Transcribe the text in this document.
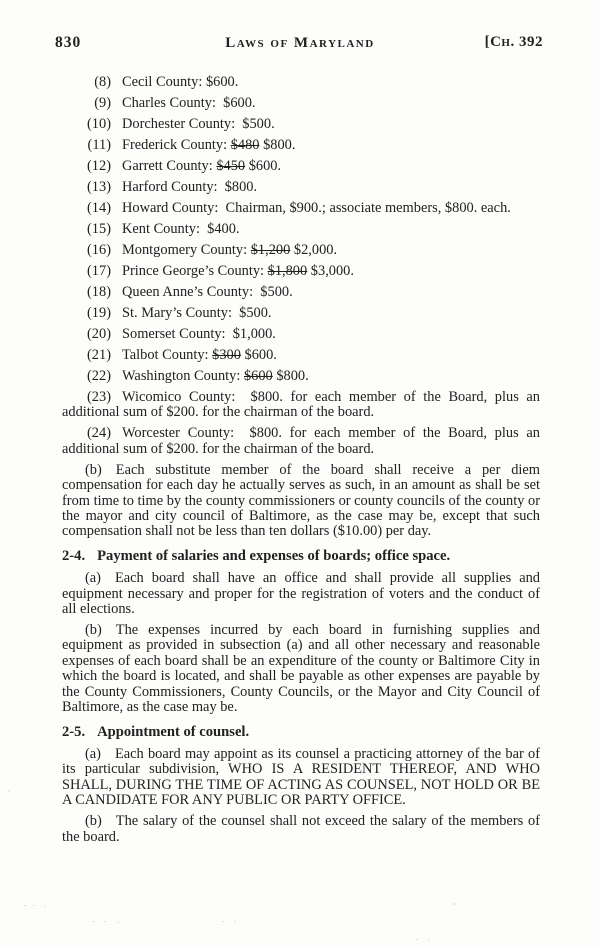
830	Laws of Maryland	[Ch. 392

(8) Cecil County: $600.

(9) Charles County:  $600.

(10) Dorchester County:  $500.

(11) Frederick County: $480 $800.

(12) Garrett County: $450 $600.

(13) Harford County:  $800.

(14) Howard County:  Chairman, $900.; associate members, $800. each.

(15) Kent County:  $400.

(16) Montgomery County: $1,200 $2,000.

(17) Prince George’s County: $1,800 $3,000.

(18) Queen Anne’s County:  $500.

(19) St. Mary’s County:  $500.

(20) Somerset County:  $1,000.

(21) Talbot County: $300 $600.

(22) Washington County: $600 $800.

(23) Wicomico County:  $800. for each member of the Board, plus an additional sum of $200. for the chairman of the board.

(24) Worcester County:  $800. for each member of the Board, plus an additional sum of $200. for the chairman of the board.

(b) Each substitute member of the board shall receive a per diem compensation for each day he actually serves as such, in an amount as shall be set from time to time by the county commissioners or county councils of the county or the mayor and city council of Baltimore, as the case may be, except that such compensation shall not be less than ten dollars ($10.00) per day.

2-4. Payment of salaries and expenses of boards; office space.

(a) Each board shall have an office and shall provide all supplies and equipment necessary and proper for the registration of voters and the conduct of all elections.

(b) The expenses incurred by each board in furnishing supplies and equipment as provided in subsection (a) and all other necessary and reasonable expenses of each board shall be an expenditure of the county or Baltimore City in which the board is located, and shall be payable as other expenses are payable by the County Commissioners, County Councils, or the Mayor and City Council of Baltimore, as the case may be.

2-5. Appointment of counsel.

(a) Each board may appoint as its counsel a practicing attorney of the bar of its particular subdivision, WHO IS A RESIDENT THEREOF, AND WHO SHALL, DURING THE TIME OF ACTING AS COUNSEL, NOT HOLD OR BE A CANDIDATE FOR ANY PUBLIC OR PARTY OFFICE.

(b) The salary of the counsel shall not exceed the salary of the members of the board.
